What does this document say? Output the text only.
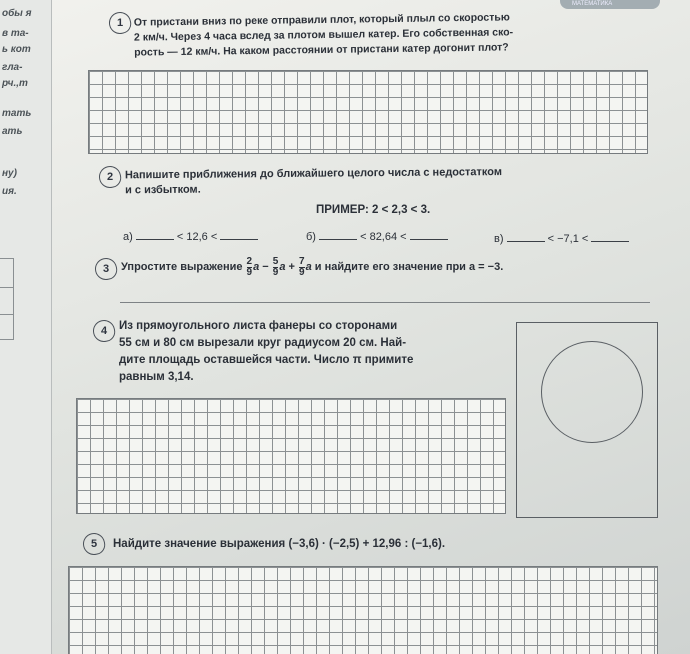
обы я
в та-
ь кот
гла-
рч.,т
тать
ать
ну)
ия.
МАТЕМАТИКА
1 От пристани вниз по реке отправили плот, который плыл со скоростью
2 км/ч. Через 4 часа вслед за плотом вышел катер. Его собственная ско-
рость — 12 км/ч. На каком расстоянии от пристани катер догонит плот?
2 Напишите приближения до ближайшего целого числа с недостатком
и с избытком.
ПРИМЕР: 2 < 2,3 < 3.
а)	< 12,6 <	б)	< 82,64 <	в)	< −7,1 <
3 Упростите выражение $\frac{2}{9}$ $a - \frac{5}{9}$ $a + \frac{7}{9}$ a и найдите его значение при a = −3.
4 Из прямоугольного листа фанеры со сторонами
55 см и 80 см вырезали круг радиусом 20 см. Най-
дите площадь оставшейся части. Число π примите
равным 3,14.
5 Найдите значение выражения (−3,6) · (−2,5) + 12,96 : (−1,6).
